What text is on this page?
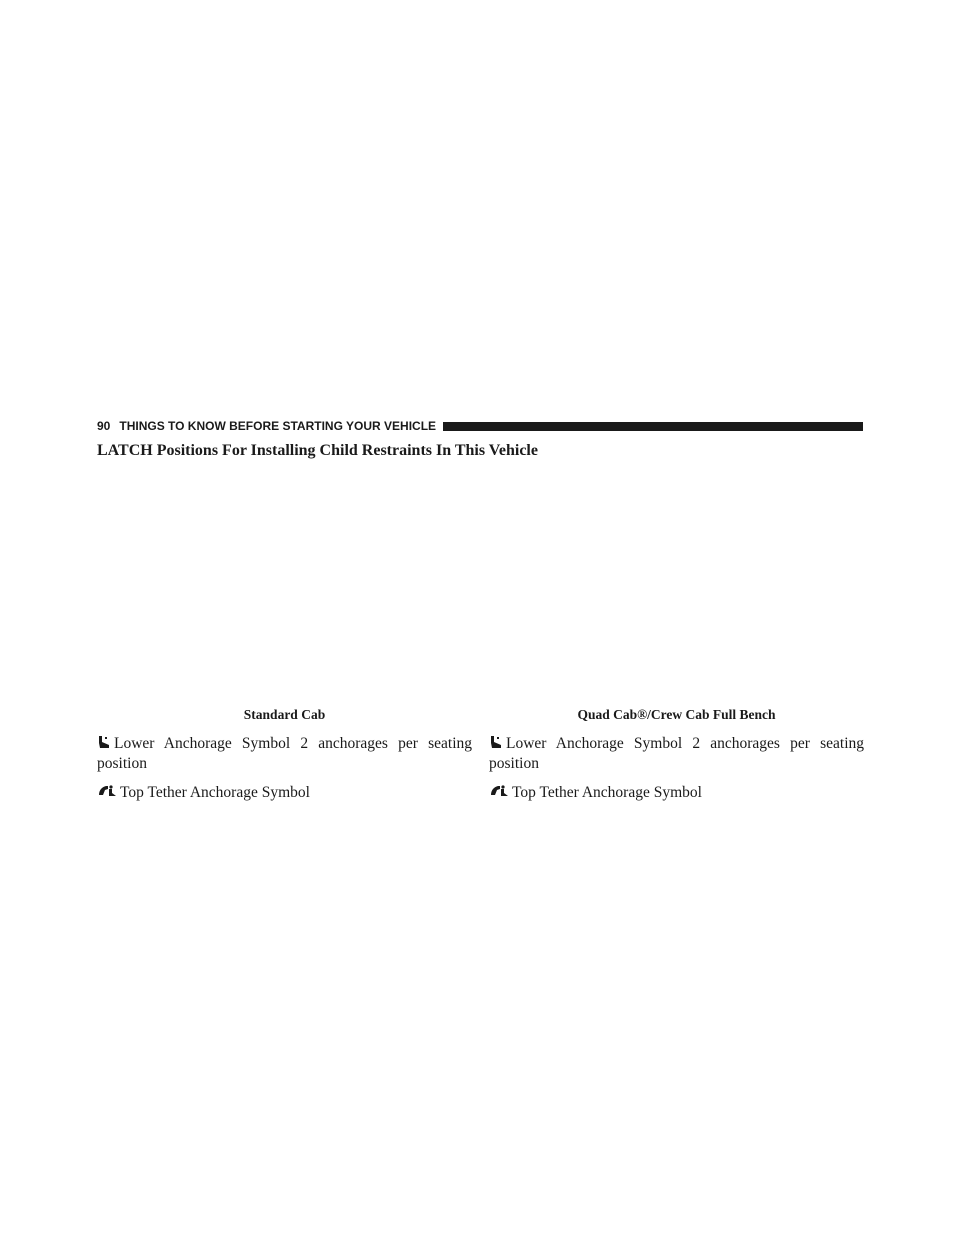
90 THINGS TO KNOW BEFORE STARTING YOUR VEHICLE
LATCH Positions For Installing Child Restraints In This Vehicle

Standard Cab

Lower Anchorage Symbol 2 anchorages per seating position

Top Tether Anchorage Symbol

Quad Cab®/Crew Cab Full Bench

Lower Anchorage Symbol 2 anchorages per seating position

Top Tether Anchorage Symbol
